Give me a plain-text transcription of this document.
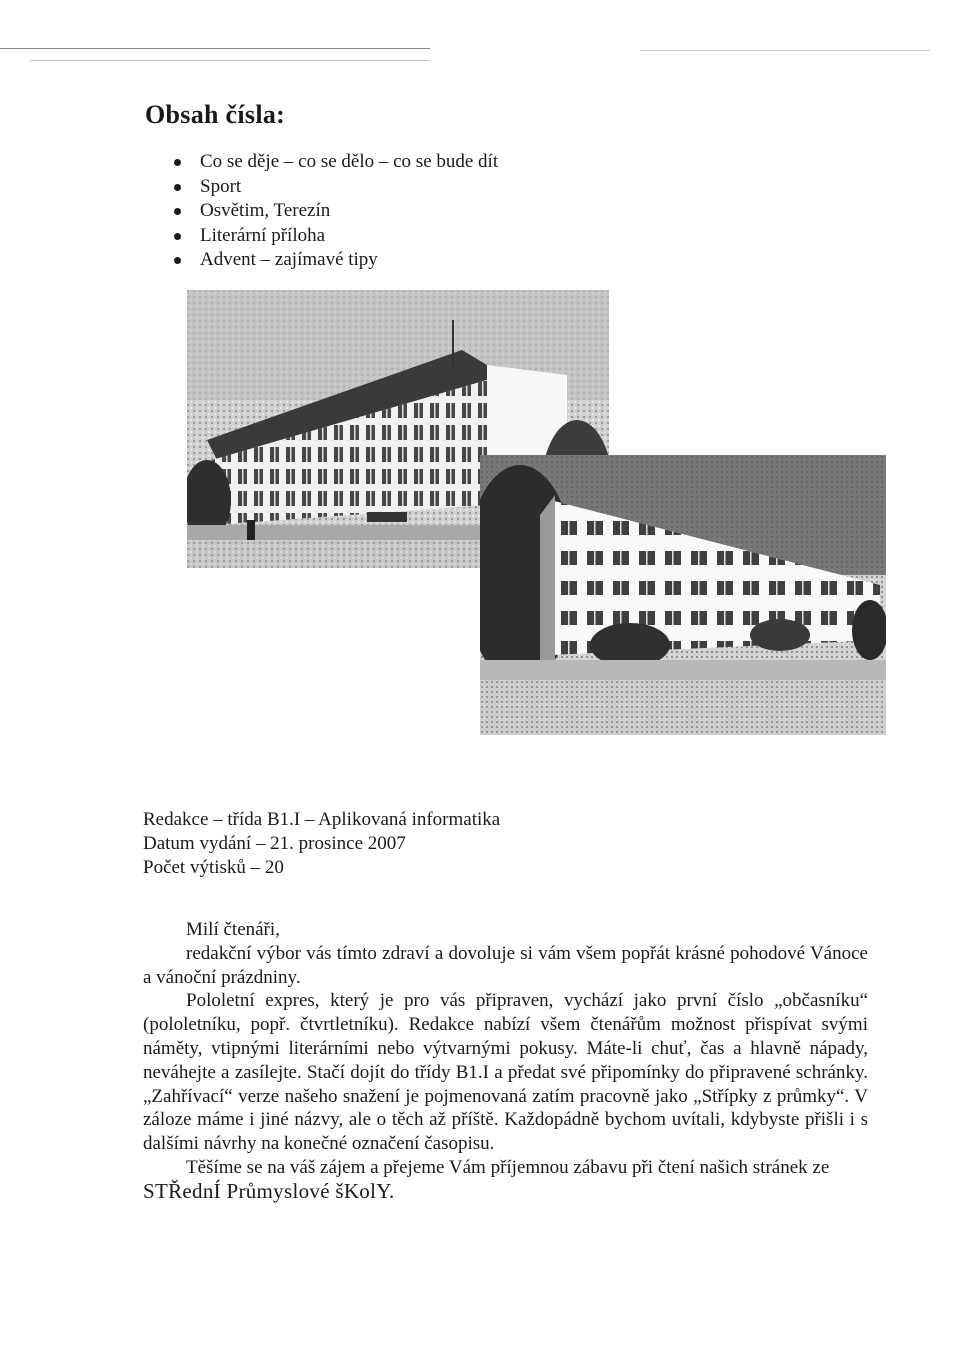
Obsah čísla:
Co se děje – co se dělo – co se bude dít
Sport
Osvětim, Terezín
Literární příloha
Advent – zajímavé tipy
Redakce – třída B1.I – Aplikovaná informatika
Datum vydání – 21. prosince 2007
Počet výtisků – 20

Milí čtenáři,

redakční výbor vás tímto zdraví a dovoluje si vám všem popřát krásné pohodové Vánoce a vánoční prázdniny.

Pololetní expres, který je pro vás připraven, vychází jako první číslo „občasníku“ (pololetníku, popř. čtvrtletníku). Redakce nabízí všem čtenářům možnost přispívat svými náměty, vtipnými literárními nebo výtvarnými pokusy. Máte-li chuť, čas a hlavně nápady, neváhejte a zasílejte. Stačí dojít do třídy B1.I a předat své připomínky do připravené schránky. „Zahřívací“ verze našeho snažení je pojmenovaná zatím pracovně jako „Střípky z průmky“. V záloze máme i jiné názvy, ale o těch až příště. Každopádně bychom uvítali, kdybyste přišli i s dalšími návrhy na konečné označení časopisu.

Těšíme se na váš zájem a přejeme Vám příjemnou zábavu při čtení našich stránek ze

STŘednÍ Průmyslové šKolY.
